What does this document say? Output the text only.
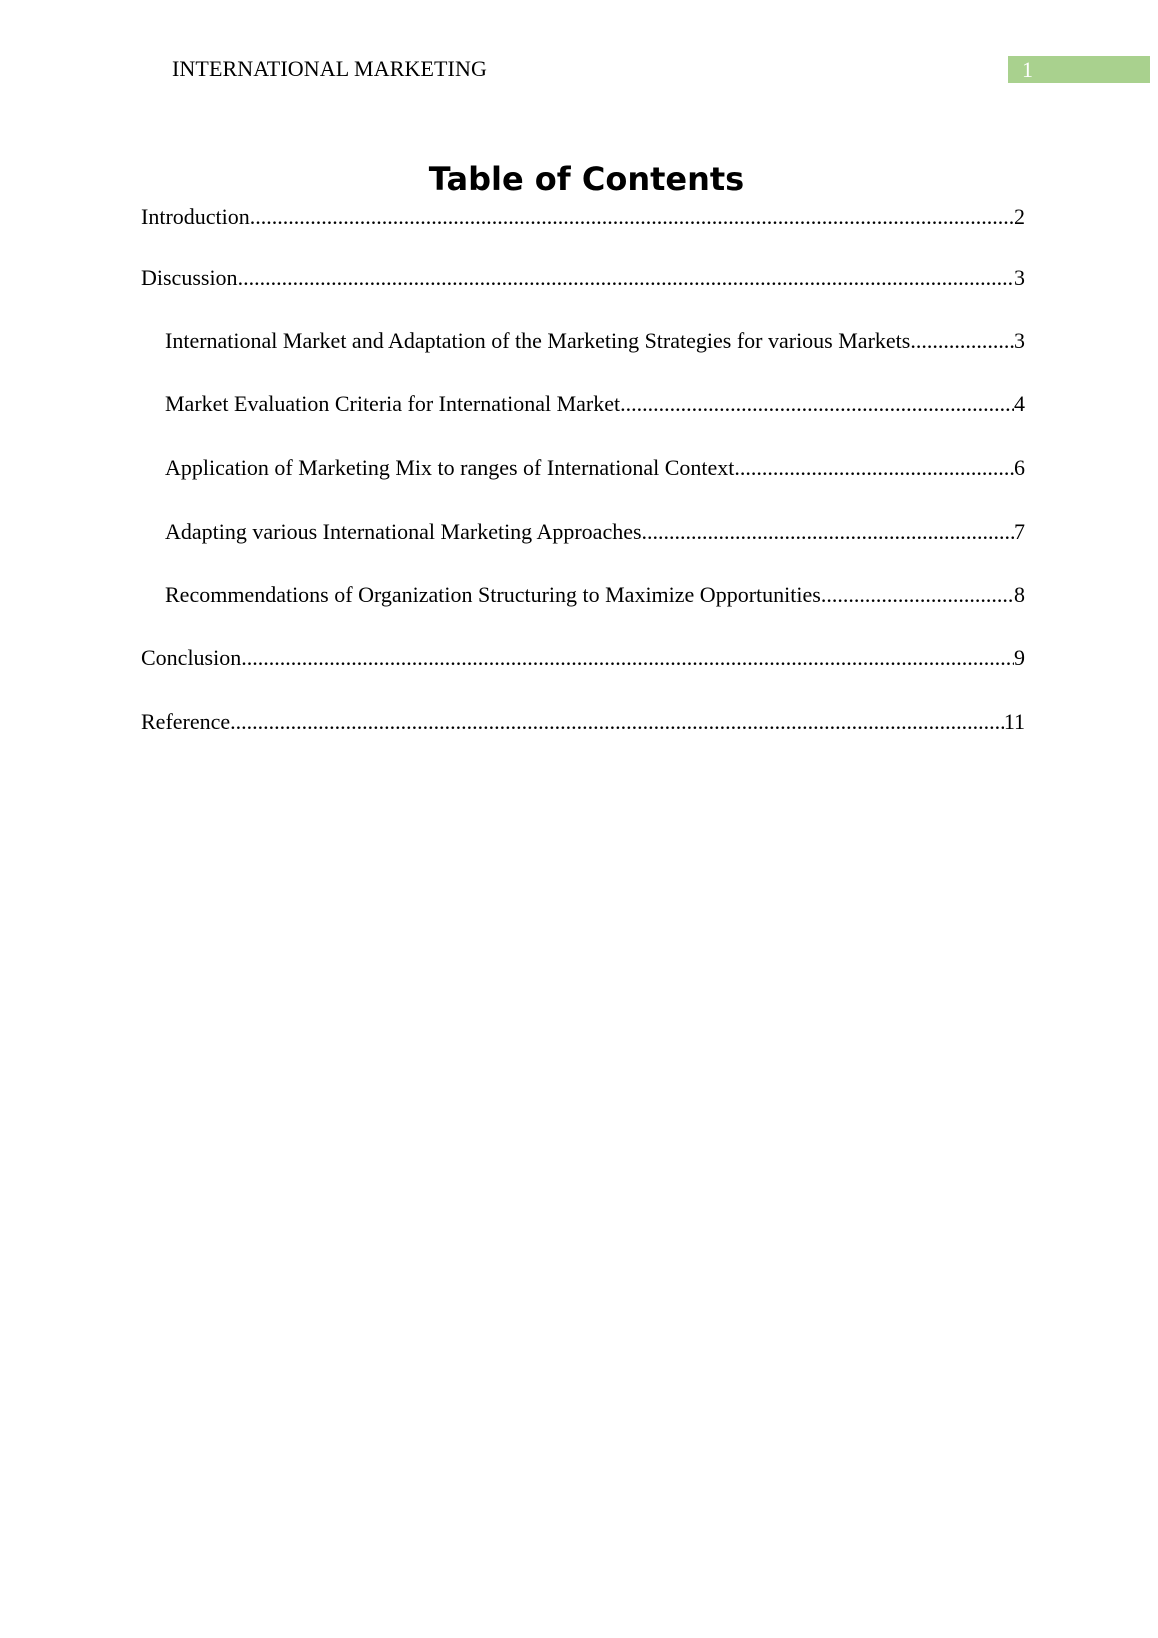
INTERNATIONAL MARKETING	1
Table of Contents
Introduction .....	2
Discussion .....	3
International Market and Adaptation of the Marketing Strategies for various Markets .....	3
Market Evaluation Criteria for International Market .....	4
Application of Marketing Mix to ranges of International Context .....	6
Adapting various International Marketing Approaches .....	7
Recommendations of Organization Structuring to Maximize Opportunities .....	8
Conclusion .....	9
Reference .....	11
